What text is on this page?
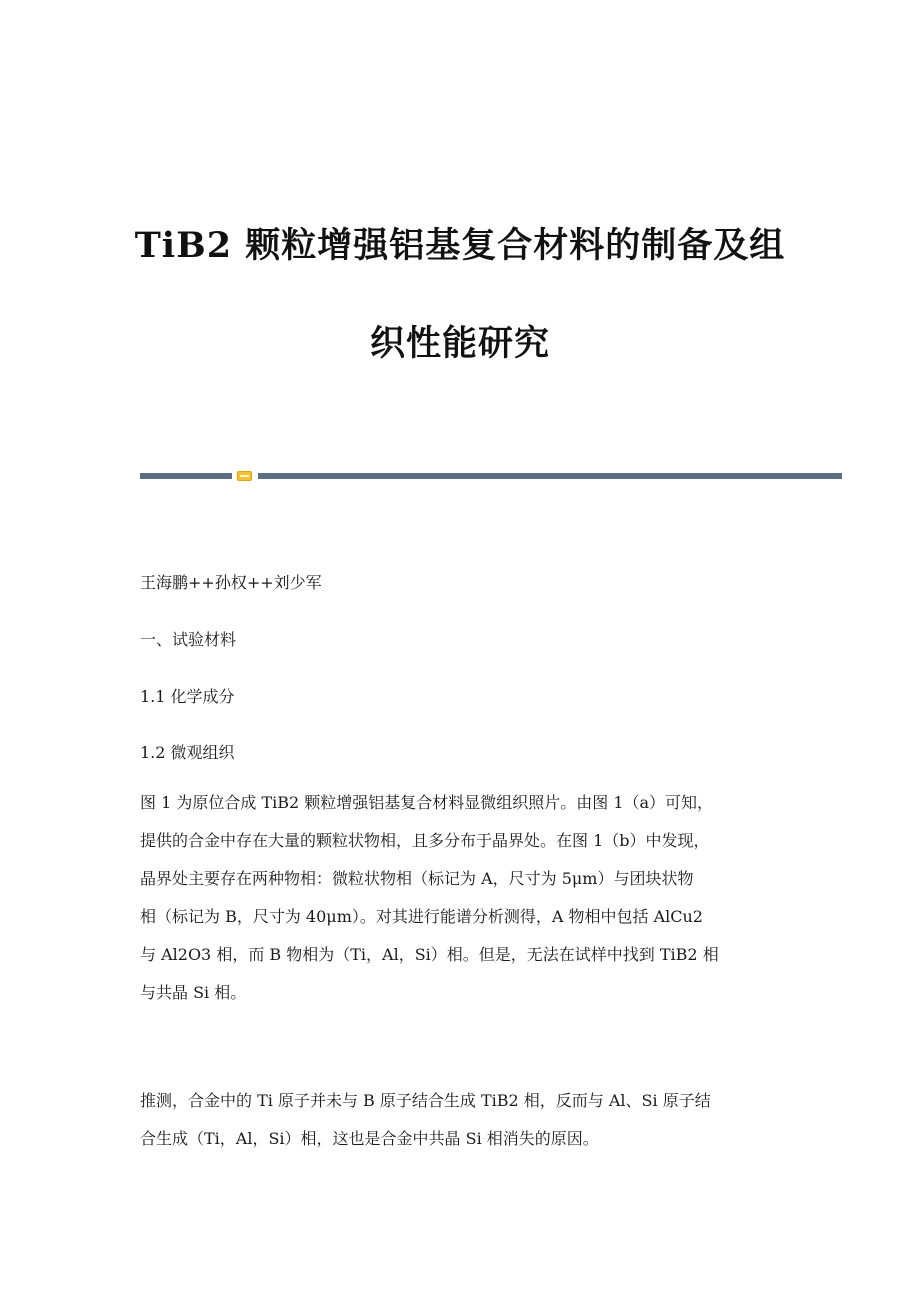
TiB2 颗粒增强铝基复合材料的制备及组
织性能研究

王海鹏++孙权++刘少军

一、试验材料

1.1 化学成分

1.2 微观组织

图 1 为原位合成 TiB2 颗粒增强铝基复合材料显微组织照片。由图 1（a）可知，
提供的合金中存在大量的颗粒状物相，且多分布于晶界处。在图 1（b）中发现，
晶界处主要存在两种物相：微粒状物相（标记为 A，尺寸为 5μm）与团块状物
相（标记为 B，尺寸为 40μm）。对其进行能谱分析测得，A 物相中包括 AlCu2
与 Al2O3 相，而 B 物相为（Ti，Al，Si）相。但是，无法在试样中找到 TiB2 相
与共晶 Si 相。
推测，合金中的 Ti 原子并未与 B 原子结合生成 TiB2 相，反而与 Al、Si 原子结
合生成（Ti，Al，Si）相，这也是合金中共晶 Si 相消失的原因。
